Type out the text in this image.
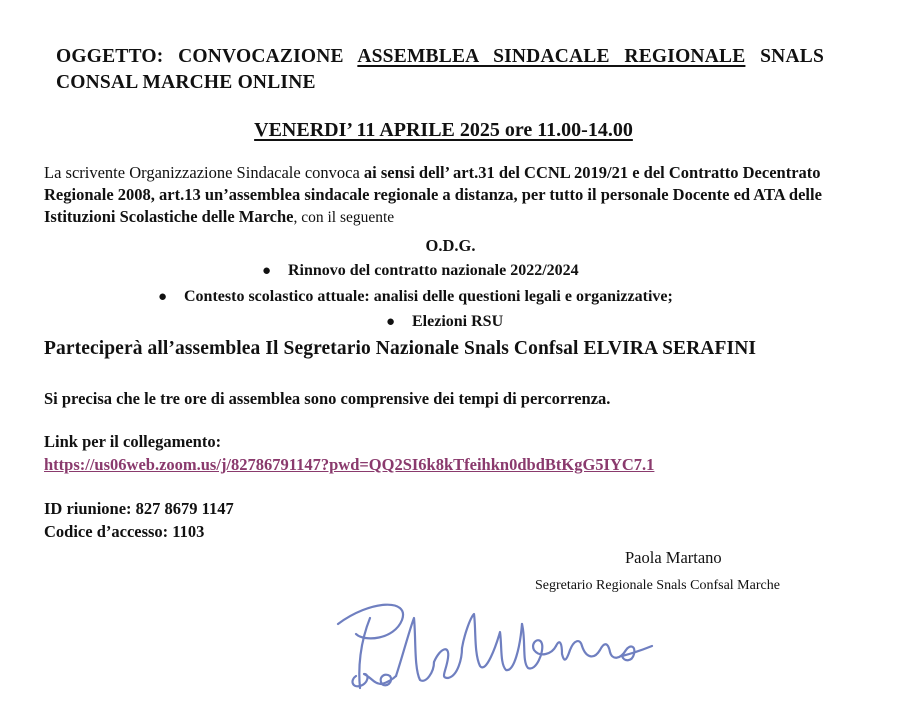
OGGETTO: CONVOCAZIONE ASSEMBLEA SINDACALE REGIONALE SNALS CONSAL MARCHE ONLINE
VENERDI’ 11 APRILE 2025 ore 11.00-14.00
La scrivente Organizzazione Sindacale convoca ai sensi dell’ art.31 del CCNL 2019/21 e del Contratto Decentrato Regionale 2008, art.13 un’assemblea sindacale regionale a distanza, per tutto il personale Docente ed ATA delle Istituzioni Scolastiche delle Marche, con il seguente
O.D.G.
● Rinnovo del contratto nazionale 2022/2024
● Contesto scolastico attuale: analisi delle questioni legali e organizzative;
● Elezioni RSU
Parteciperà all’assemblea Il Segretario Nazionale Snals Confsal ELVIRA SERAFINI
Si precisa che le tre ore di assemblea sono comprensive dei tempi di percorrenza.
Link per il collegamento:
https://us06web.zoom.us/j/82786791147?pwd=QQ2SI6k8kTfeihkn0dbdBtKgG5IYC7.1
ID riunione: 827 8679 1147
Codice d’accesso: 1103
Paola Martano
Segretario Regionale Snals Confsal Marche
